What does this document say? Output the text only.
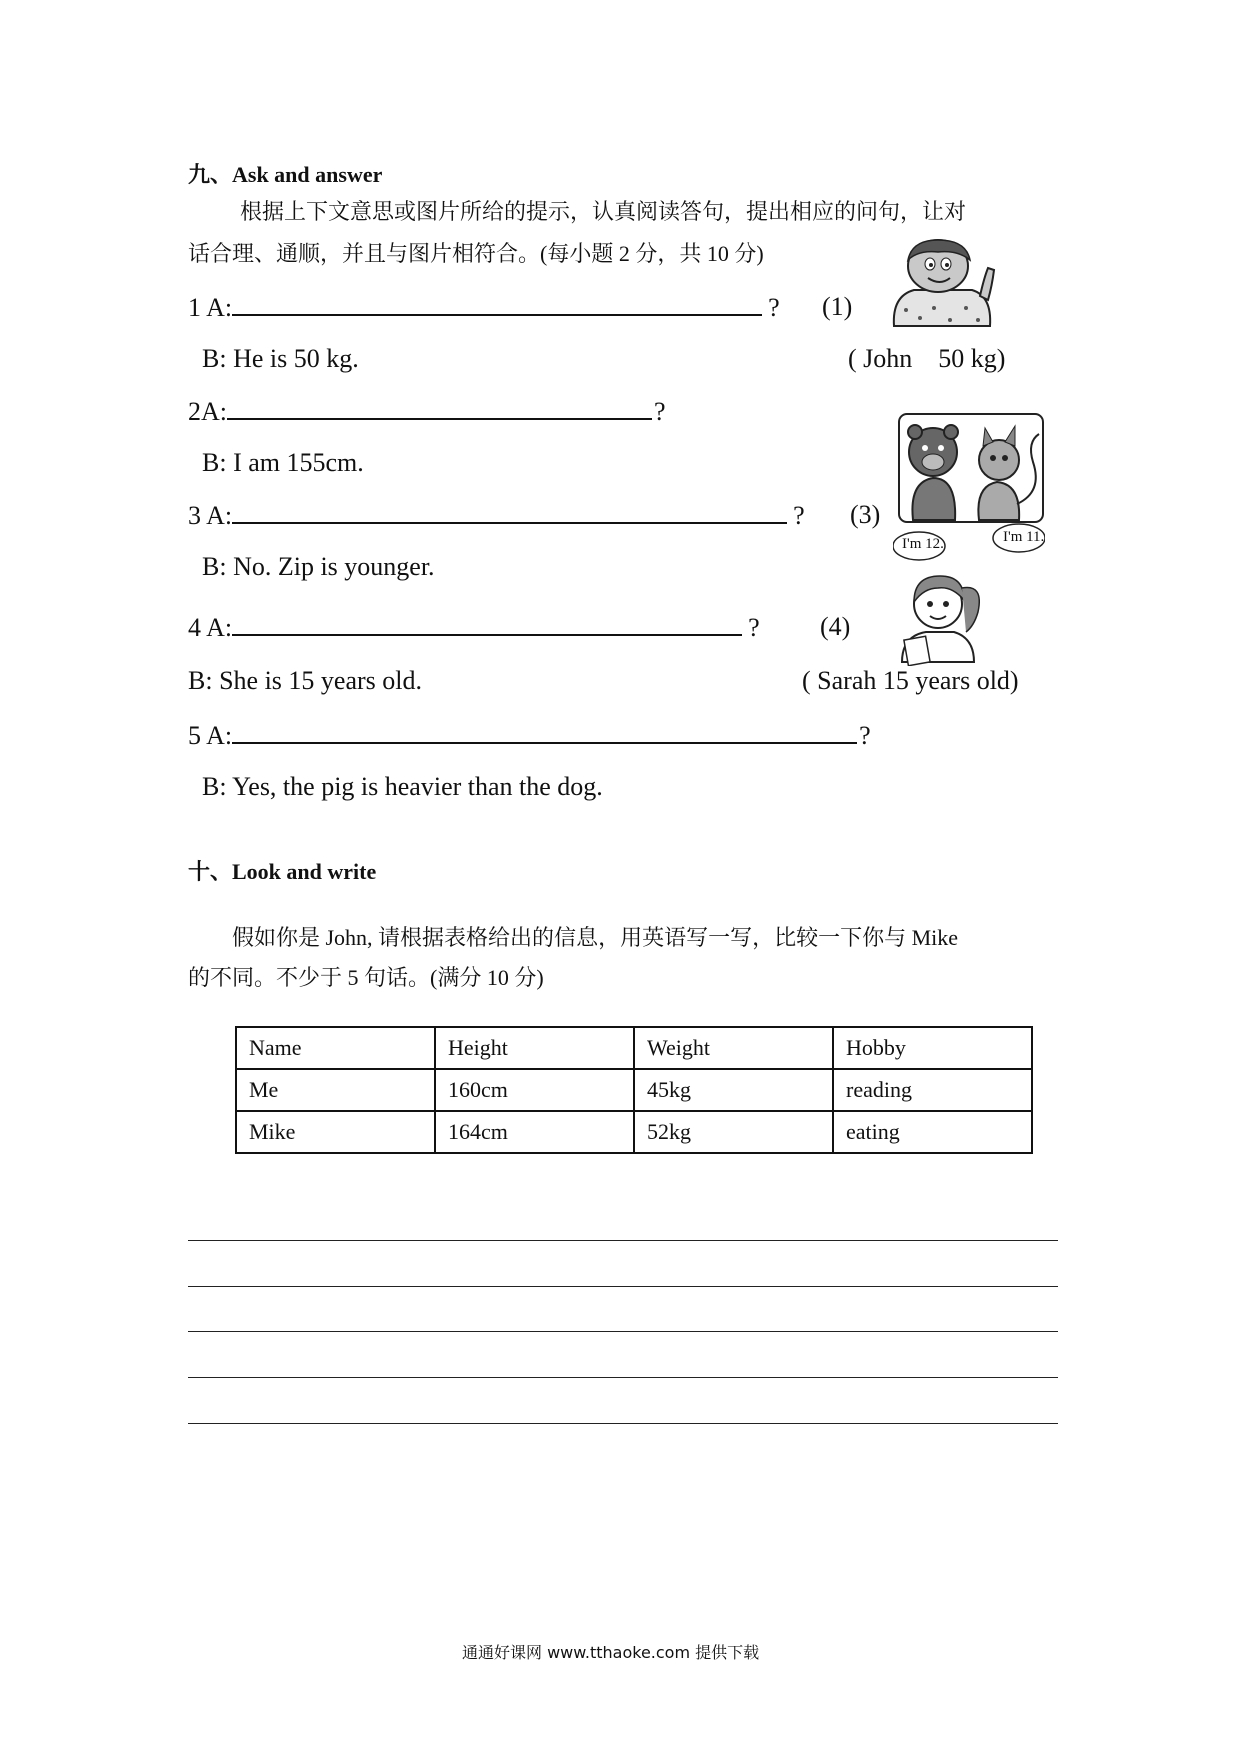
九、Ask and answer
根据上下文意思或图片所给的提示，认真阅读答句，提出相应的问句，让对
话合理、通顺，并且与图片相符合。(每小题 2 分，共 10 分)
1 A:	? (1)
B: He is 50 kg.	( John    50 kg)
2A:	?
B: I am 155cm.
3 A:	? (3)
B: No. Zip is younger.
4 A:	? (4)
B: She is 15 years old.	( Sarah 15 years old)
5 A:	?
B: Yes, the pig is heavier than the dog.
I'm 12.	I'm 11.
十、Look and write
假如你是 John, 请根据表格给出的信息，用英语写一写，比较一下你与 Mike
的不同。不少于 5 句话。(满分 10 分)
Name	Height	Weight	Hobby
Me	160cm	45kg	reading
Mike	164cm	52kg	eating
通通好课网 www.tthaoke.com 提供下载
